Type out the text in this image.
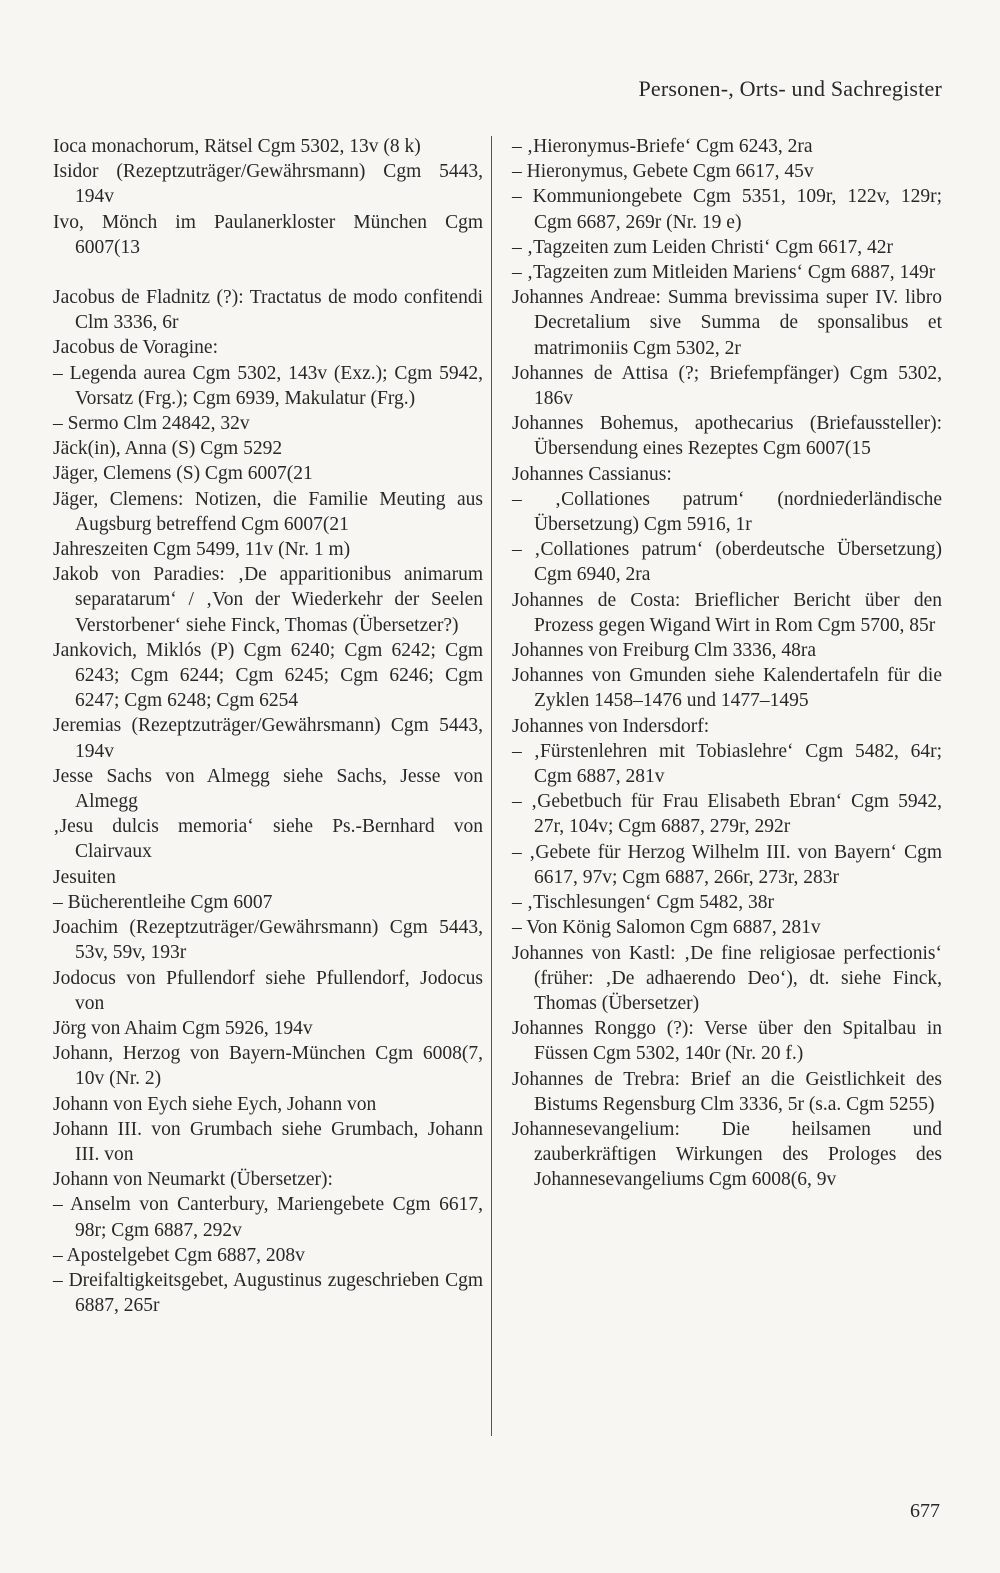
Personen-, Orts- und Sachregister

Ioca monachorum, Rätsel Cgm 5302, 13v (8 k)

Isidor (Rezeptzuträger/Gewährsmann) Cgm 5443, 194v

Ivo, Mönch im Paulanerkloster München Cgm 6007(13

Jacobus de Fladnitz (?): Tractatus de modo confitendi Clm 3336, 6r

Jacobus de Voragine:

– Legenda aurea Cgm 5302, 143v (Exz.); Cgm 5942, Vorsatz (Frg.); Cgm 6939, Makulatur (Frg.)

– Sermo Clm 24842, 32v

Jäck(in), Anna (S) Cgm 5292

Jäger, Clemens (S) Cgm 6007(21

Jäger, Clemens: Notizen, die Familie Meuting aus Augsburg betreffend Cgm 6007(21

Jahreszeiten Cgm 5499, 11v (Nr. 1 m)

Jakob von Paradies: ‚De apparitionibus animarum separatarum‘ / ‚Von der Wiederkehr der Seelen Verstorbener‘ siehe Finck, Thomas (Übersetzer?)

Jankovich, Miklós (P) Cgm 6240; Cgm 6242; Cgm 6243; Cgm 6244; Cgm 6245; Cgm 6246; Cgm 6247; Cgm 6248; Cgm 6254

Jeremias (Rezeptzuträger/Gewährsmann) Cgm 5443, 194v

Jesse Sachs von Almegg siehe Sachs, Jesse von Almegg

‚Jesu dulcis memoria‘ siehe Ps.-Bernhard von Clairvaux

Jesuiten

– Bücherentleihe Cgm 6007

Joachim (Rezeptzuträger/Gewährsmann) Cgm 5443, 53v, 59v, 193r

Jodocus von Pfullendorf siehe Pfullendorf, Jodocus von

Jörg von Ahaim Cgm 5926, 194v

Johann, Herzog von Bayern-München Cgm 6008(7, 10v (Nr. 2)

Johann von Eych siehe Eych, Johann von

Johann III. von Grumbach siehe Grumbach, Johann III. von

Johann von Neumarkt (Übersetzer):

– Anselm von Canterbury, Mariengebete Cgm 6617, 98r; Cgm 6887, 292v

– Apostelgebet Cgm 6887, 208v

– Dreifaltigkeitsgebet, Augustinus zugeschrieben Cgm 6887, 265r

– ‚Hieronymus-Briefe‘ Cgm 6243, 2ra

– Hieronymus, Gebete Cgm 6617, 45v

– Kommuniongebete Cgm 5351, 109r, 122v, 129r; Cgm 6687, 269r (Nr. 19 e)

– ‚Tagzeiten zum Leiden Christi‘ Cgm 6617, 42r

– ‚Tagzeiten zum Mitleiden Mariens‘ Cgm 6887, 149r

Johannes Andreae: Summa brevissima super IV. libro Decretalium sive Summa de sponsalibus et matrimoniis Cgm 5302, 2r

Johannes de Attisa (?; Briefempfänger) Cgm 5302, 186v

Johannes Bohemus, apothecarius (Briefaussteller): Übersendung eines Rezeptes Cgm 6007(15

Johannes Cassianus:

– ‚Collationes patrum‘ (nordniederländische Übersetzung) Cgm 5916, 1r

– ‚Collationes patrum‘ (oberdeutsche Übersetzung) Cgm 6940, 2ra

Johannes de Costa: Brieflicher Bericht über den Prozess gegen Wigand Wirt in Rom Cgm 5700, 85r

Johannes von Freiburg Clm 3336, 48ra

Johannes von Gmunden siehe Kalendertafeln für die Zyklen 1458–1476 und 1477–1495

Johannes von Indersdorf:

– ‚Fürstenlehren mit Tobiaslehre‘ Cgm 5482, 64r; Cgm 6887, 281v

– ‚Gebetbuch für Frau Elisabeth Ebran‘ Cgm 5942, 27r, 104v; Cgm 6887, 279r, 292r

– ‚Gebete für Herzog Wilhelm III. von Bayern‘ Cgm 6617, 97v; Cgm 6887, 266r, 273r, 283r

– ‚Tischlesungen‘ Cgm 5482, 38r

– Von König Salomon Cgm 6887, 281v

Johannes von Kastl: ‚De fine religiosae perfectionis‘ (früher: ‚De adhaerendo Deo‘), dt. siehe Finck, Thomas (Übersetzer)

Johannes Ronggo (?): Verse über den Spitalbau in Füssen Cgm 5302, 140r (Nr. 20 f.)

Johannes de Trebra: Brief an die Geistlichkeit des Bistums Regensburg Clm 3336, 5r (s.a. Cgm 5255)

Johannesevangelium: Die heilsamen und zauberkräftigen Wirkungen des Prologes des Johannesevangeliums Cgm 6008(6, 9v

677
